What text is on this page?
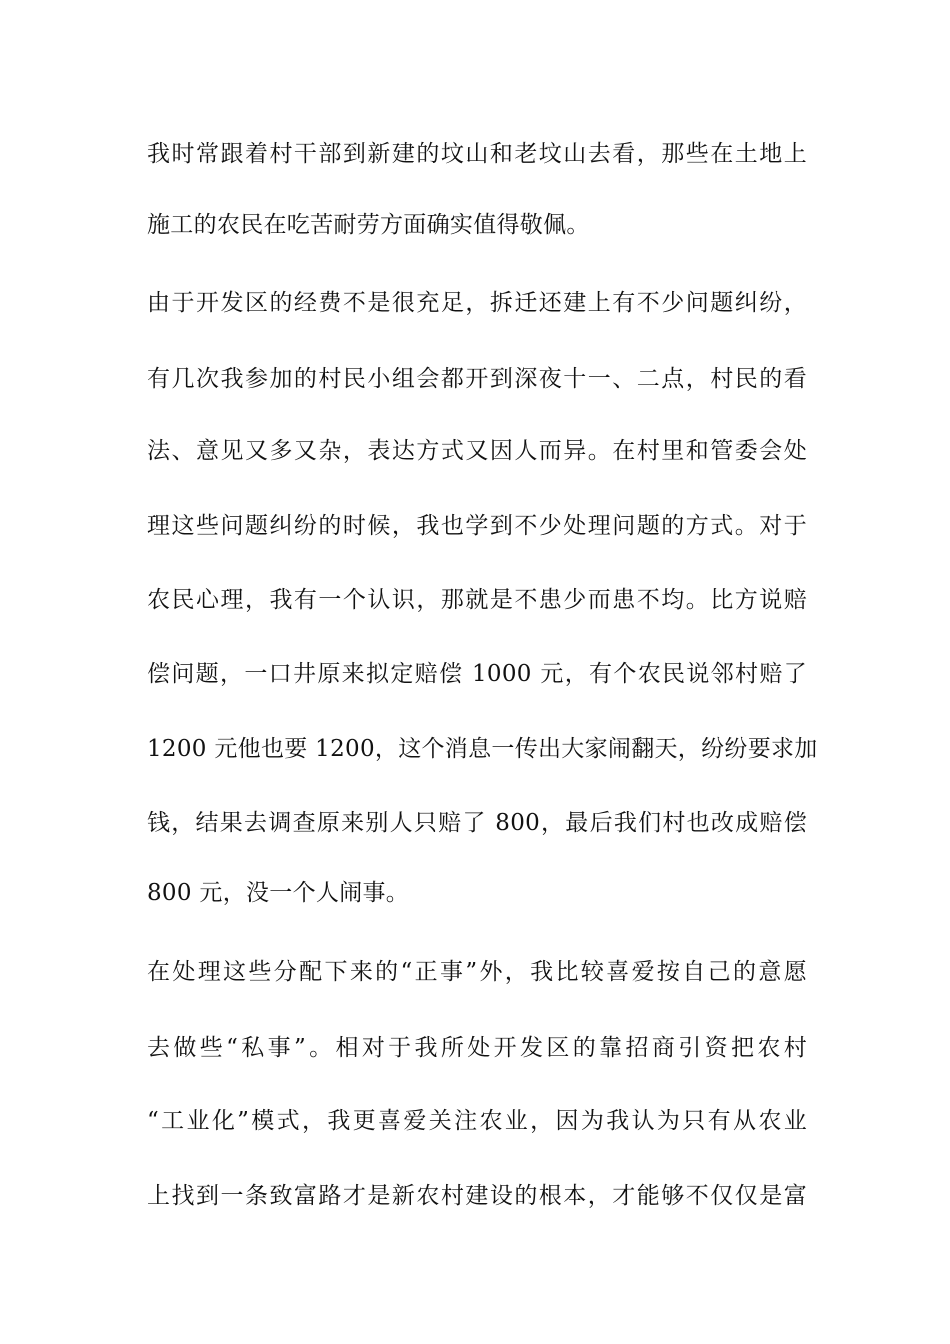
我时常跟着村干部到新建的坟山和老坟山去看，那些在土地上
施工的农民在吃苦耐劳方面确实值得敬佩。
由于开发区的经费不是很充足，拆迁还建上有不少问题纠纷，
有几次我参加的村民小组会都开到深夜十一、二点，村民的看
法、意见又多又杂，表达方式又因人而异。在村里和管委会处
理这些问题纠纷的时候，我也学到不少处理问题的方式。对于
农民心理，我有一个认识，那就是不患少而患不均。比方说赔
偿问题，一口井原来拟定赔偿 1000 元，有个农民说邻村赔了
1200 元他也要 1200，这个消息一传出大家闹翻天，纷纷要求加
钱，结果去调查原来别人只赔了 800，最后我们村也改成赔偿
800 元，没一个人闹事。
在处理这些分配下来的“正事”外，我比较喜爱按自己的意愿
去做些“私事”。相对于我所处开发区的靠招商引资把农村
“工业化”模式，我更喜爱关注农业，因为我认为只有从农业
上找到一条致富路才是新农村建设的根本，才能够不仅仅是富
